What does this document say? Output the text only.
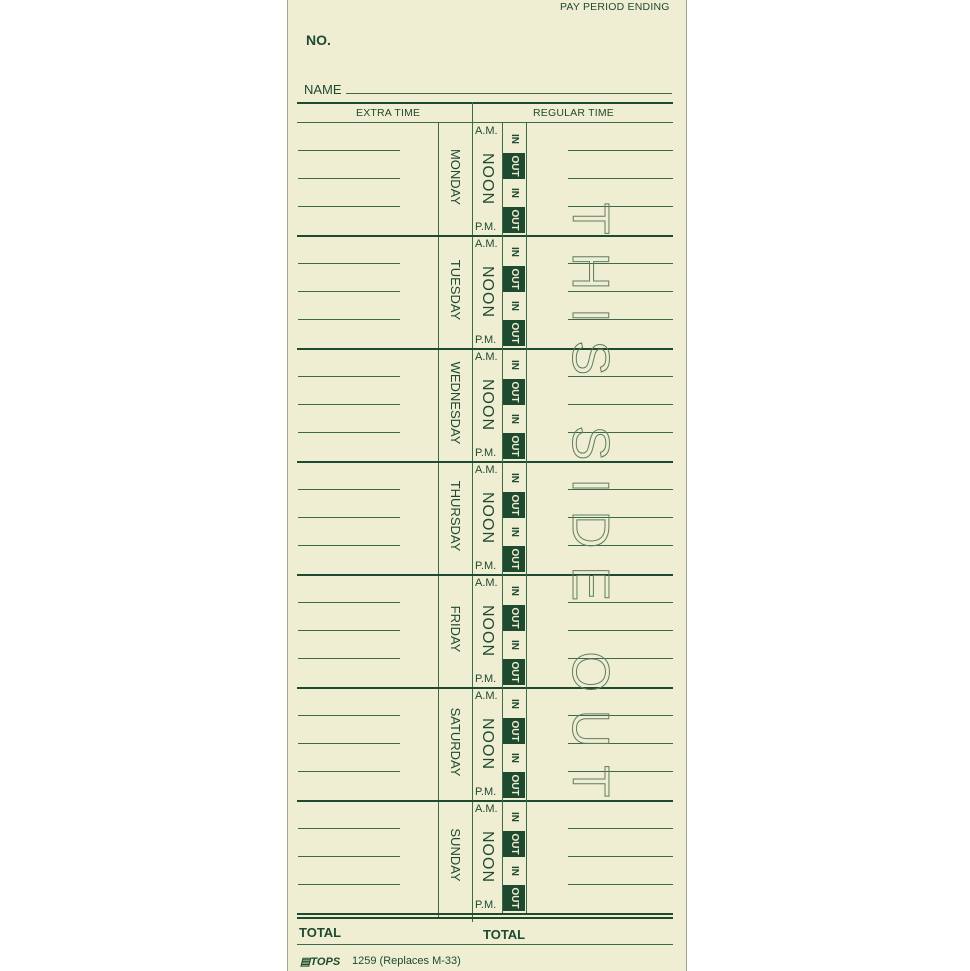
PAY PERIOD ENDING
NO.
NAME
EXTRA TIME	REGULAR TIME
MONDAY
A.M.
NOON
P.M.
IN
OUT
IN
OUT
TUESDAY
A.M.
NOON
P.M.
IN
OUT
IN
OUT
WEDNESDAY
A.M.
NOON
P.M.
IN
OUT
IN
OUT
THURSDAY
A.M.
NOON
P.M.
IN
OUT
IN
OUT
FRIDAY
A.M.
NOON
P.M.
IN
OUT
IN
OUT
SATURDAY
A.M.
NOON
P.M.
IN
OUT
IN
OUT
SUNDAY
A.M.
NOON
P.M.
IN
OUT
IN
OUT
THIS SIDE OUT
TOTAL	TOTAL
▤TOPS 1259 (Replaces M-33)
